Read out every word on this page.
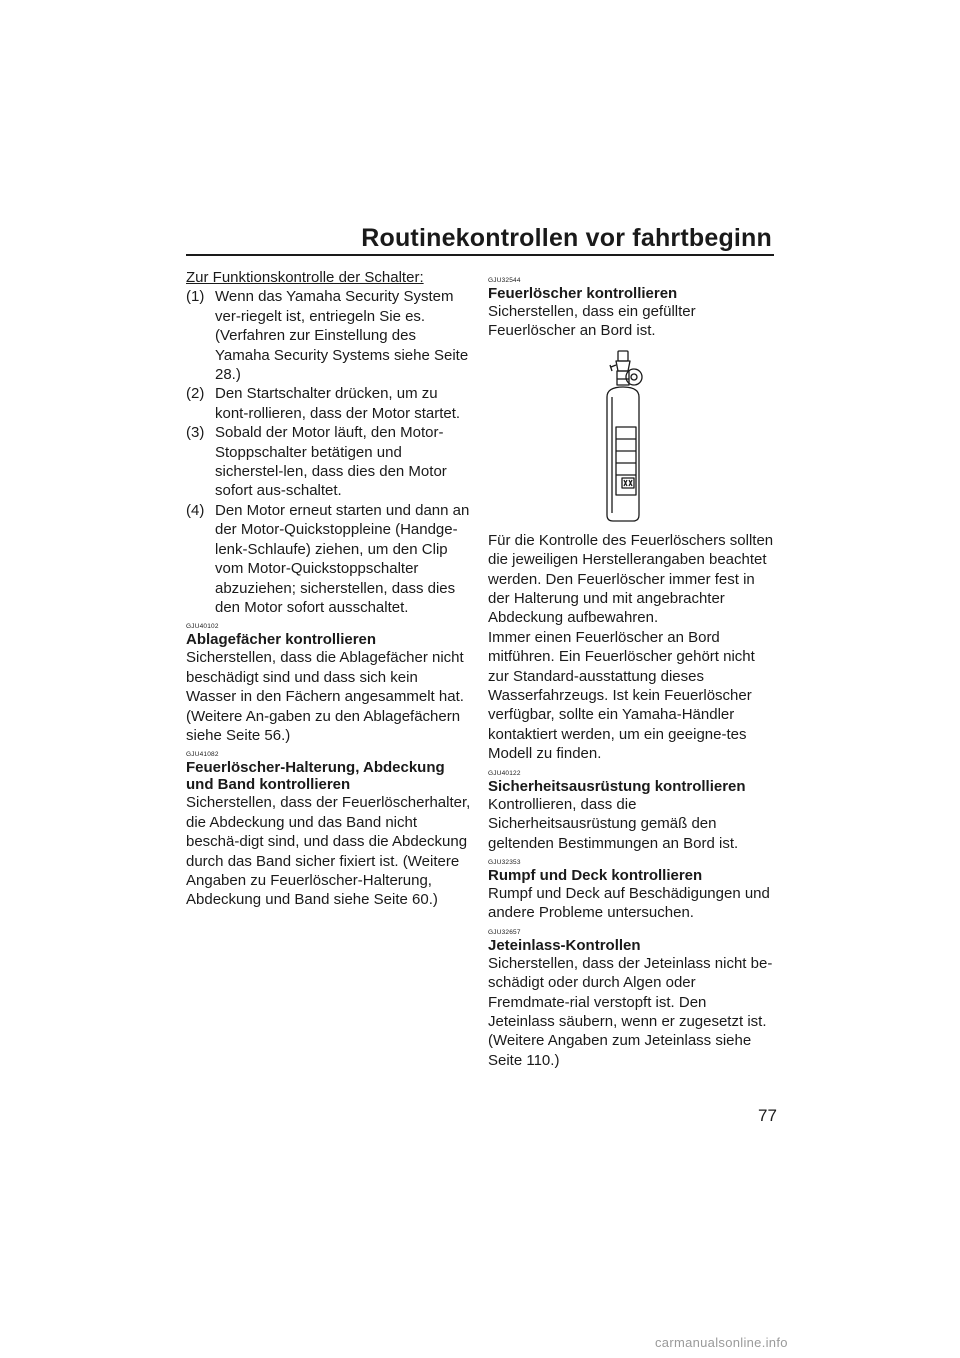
Routinekontrollen vor fahrtbeginn

Zur Funktionskontrolle der Schalter:

(1) Wenn das Yamaha Security System ver-riegelt ist, entriegeln Sie es. (Verfahren zur Einstellung des Yamaha Security Systems siehe Seite 28.)
(2) Den Startschalter drücken, um zu kont-rollieren, dass der Motor startet.
(3) Sobald der Motor läuft, den Motor-Stoppschalter betätigen und sicherstel-len, dass dies den Motor sofort aus-schaltet.
(4) Den Motor erneut starten und dann an der Motor-Quickstoppleine (Handge-lenk-Schlaufe) ziehen, um den Clip vom Motor-Quickstoppschalter abzuziehen; sicherstellen, dass dies den Motor sofort ausschaltet.
GJU40102
Ablagefächer kontrollieren

Sicherstellen, dass die Ablagefächer nicht beschädigt sind und dass sich kein Wasser in den Fächern angesammelt hat. (Weitere An-gaben zu den Ablagefächern siehe Seite 56.)

GJU41082
Feuerlöscher-Halterung, Abdeckung und Band kontrollieren

Sicherstellen, dass der Feuerlöscherhalter, die Abdeckung und das Band nicht beschä-digt sind, und dass die Abdeckung durch das Band sicher fixiert ist. (Weitere Angaben zu Feuerlöscher-Halterung, Abdeckung und Band siehe Seite 60.)

GJU32544
Feuerlöscher kontrollieren

Sicherstellen, dass ein gefüllter Feuerlöscher an Bord ist.

Für die Kontrolle des Feuerlöschers sollten die jeweiligen Herstellerangaben beachtet werden. Den Feuerlöscher immer fest in der Halterung und mit angebrachter Abdeckung aufbewahren.

Immer einen Feuerlöscher an Bord mitführen. Ein Feuerlöscher gehört nicht zur Standard-ausstattung dieses Wasserfahrzeugs. Ist kein Feuerlöscher verfügbar, sollte ein Yamaha-Händler kontaktiert werden, um ein geeigne-tes Modell zu finden.

GJU40122
Sicherheitsausrüstung kontrollieren

Kontrollieren, dass die Sicherheitsausrüstung gemäß den geltenden Bestimmungen an Bord ist.

GJU32353
Rumpf und Deck kontrollieren

Rumpf und Deck auf Beschädigungen und andere Probleme untersuchen.

GJU32657
Jeteinlass-Kontrollen

Sicherstellen, dass der Jeteinlass nicht be-schädigt oder durch Algen oder Fremdmate-rial verstopft ist. Den Jeteinlass säubern, wenn er zugesetzt ist. (Weitere Angaben zum Jeteinlass siehe Seite 110.)

77
carmanualsonline.info
